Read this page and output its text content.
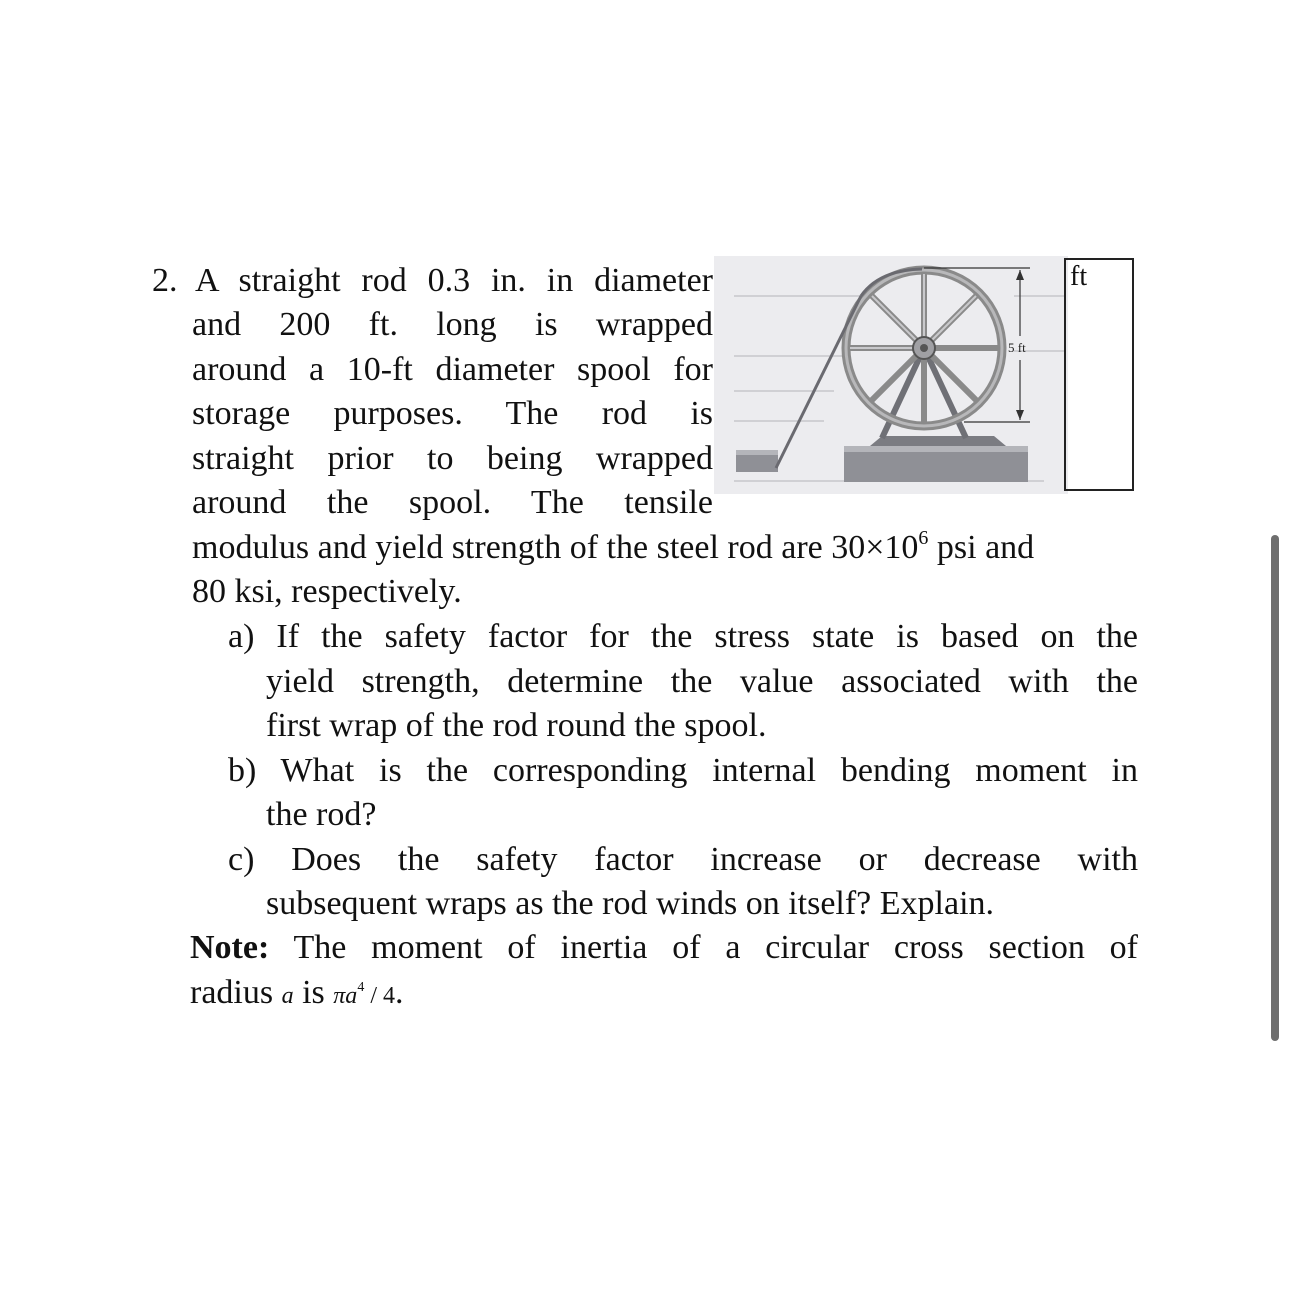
2. A straight rod 0.3 in. in diameter
and 200 ft. long is wrapped
around a 10-ft diameter spool for
storage purposes. The rod is
straight prior to being wrapped
around the spool. The tensile
modulus and yield strength of the steel rod are $30\times 10^6$ psi and
80 ksi, respectively.
5 ft
ft
a) If the safety factor for the stress state is based on the
yield strength, determine the value associated with the
first wrap of the rod round the spool.
b) What is the corresponding internal bending moment in
the rod?
c) Does the safety factor increase or decrease with
subsequent wraps as the rod winds on itself? Explain.
Note: The moment of inertia of a circular cross section of
radius a is $\pi a^4 / 4$.
